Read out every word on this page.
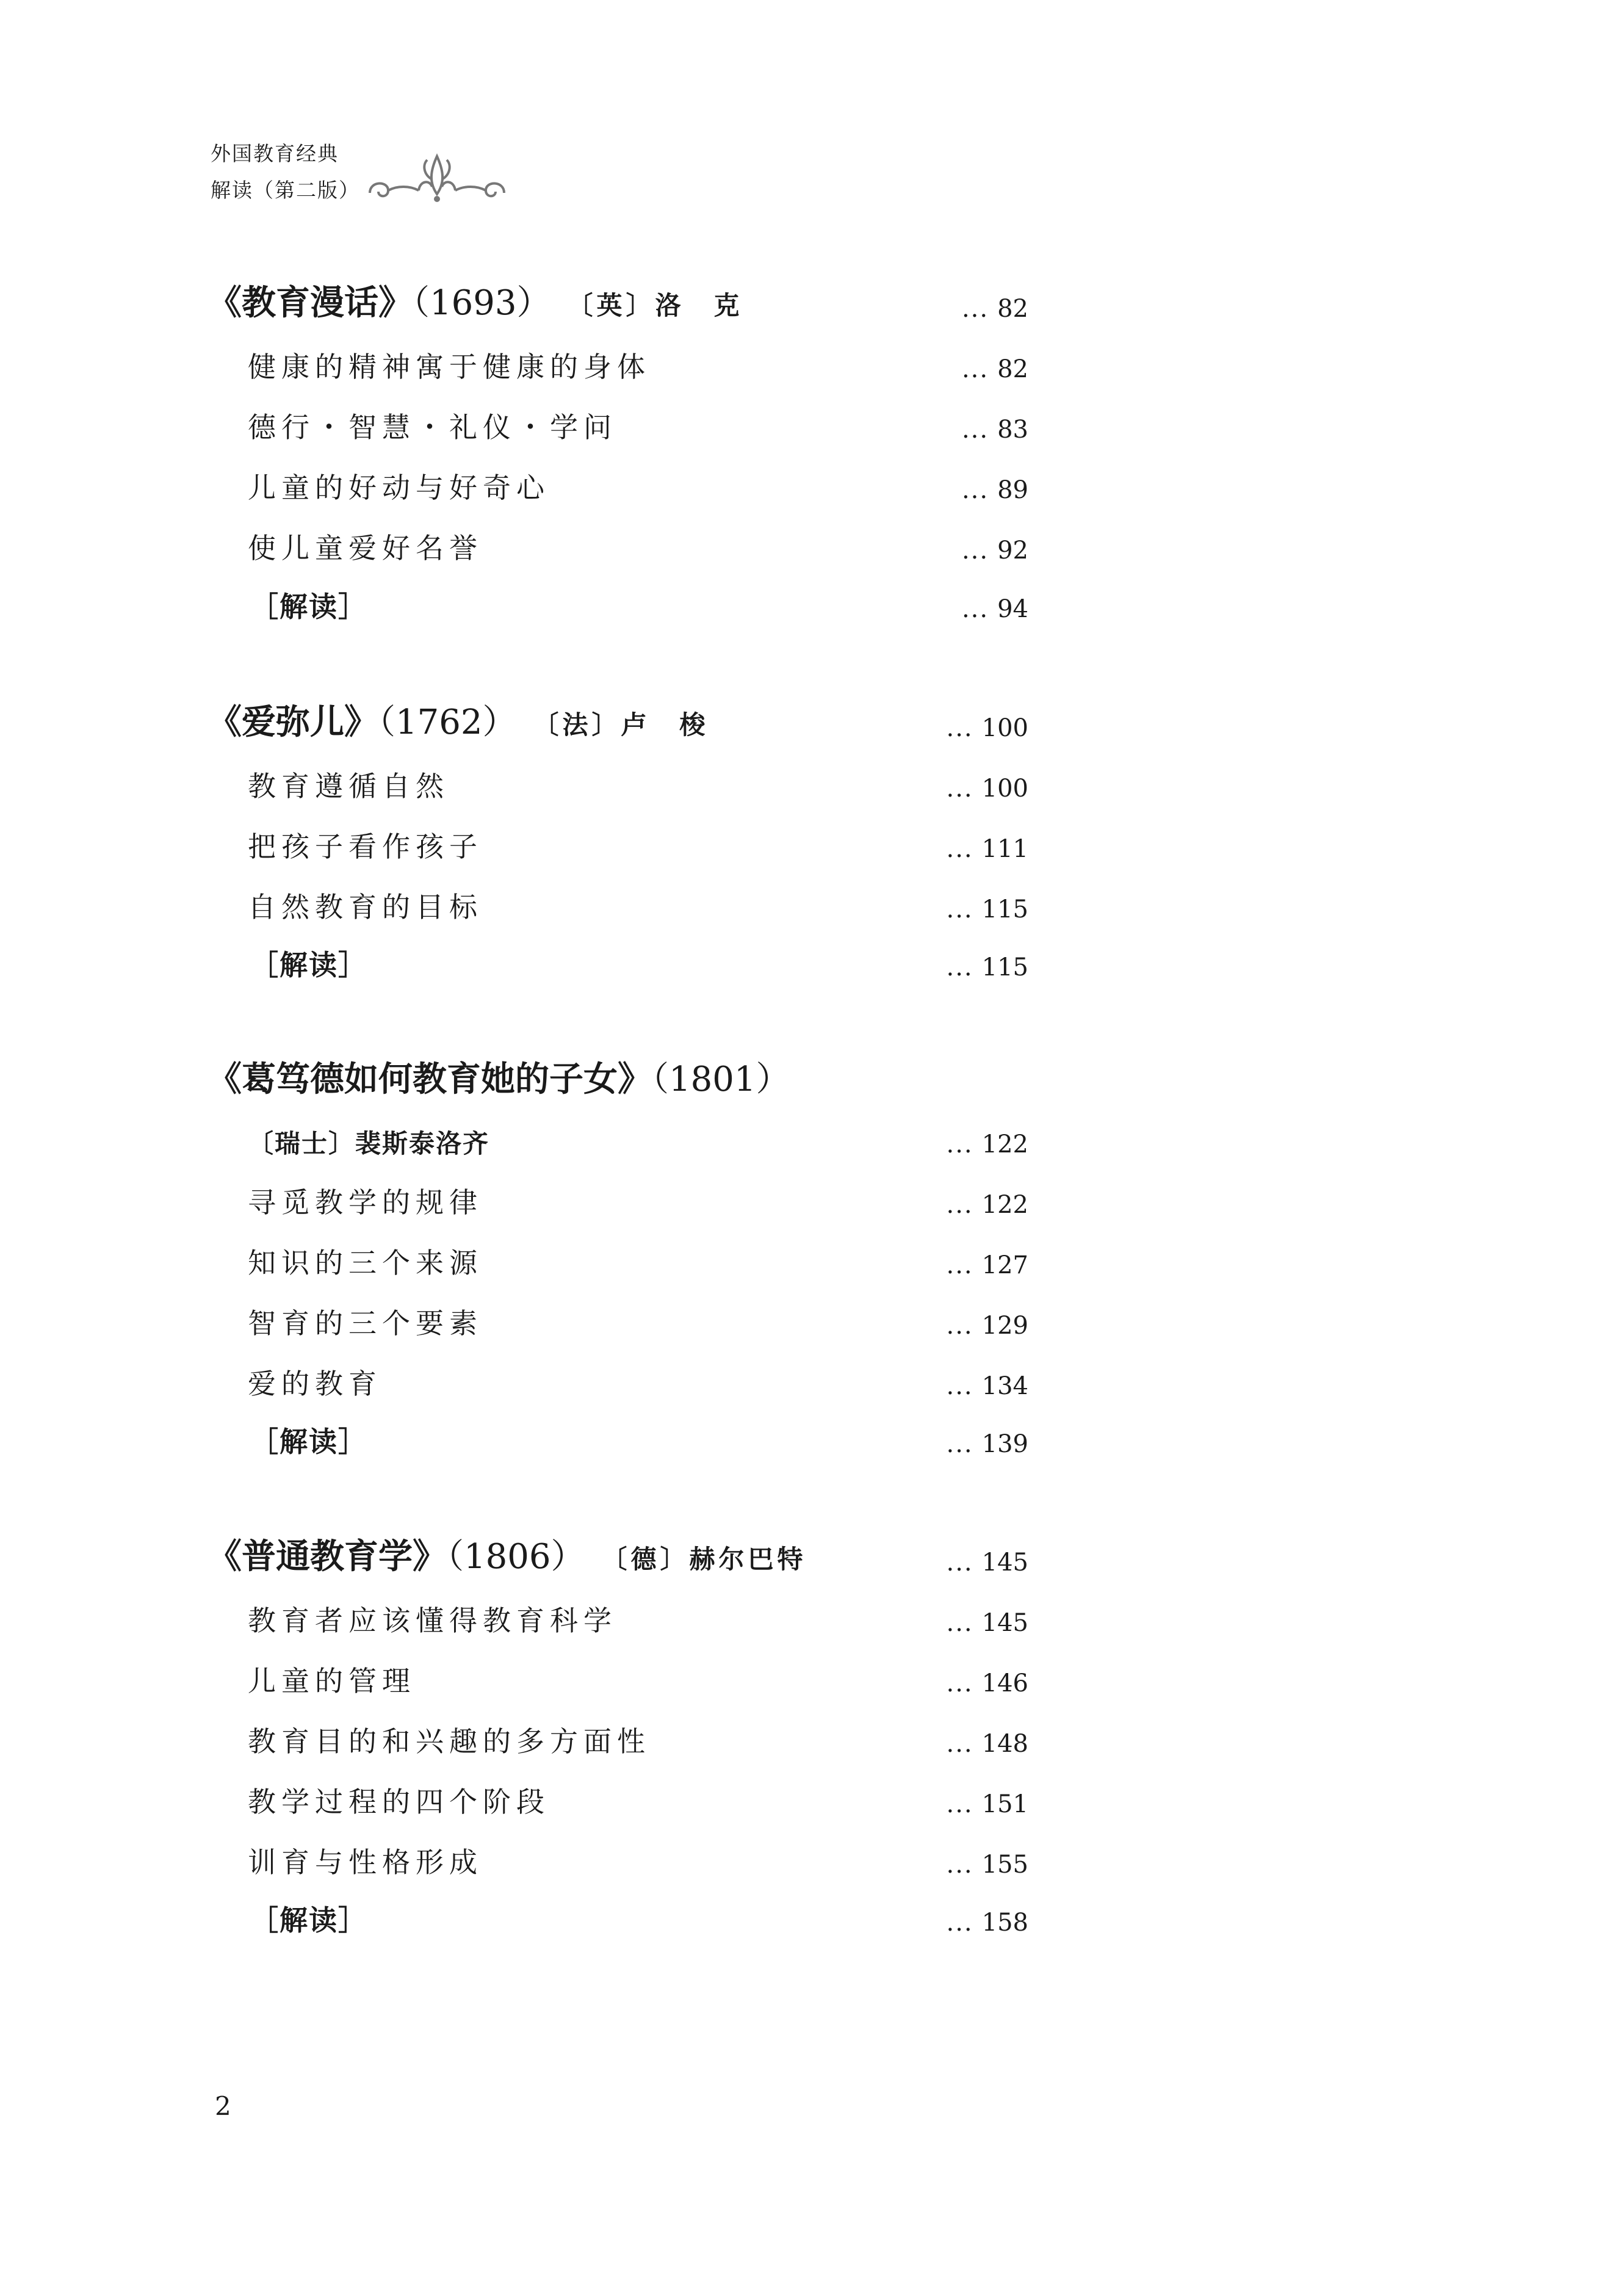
外国教育经典
解读（第二版）
《教育漫话》（1693） 〔英〕洛　克	... 82
健康的精神寓于健康的身体	... 82
德行・智慧・礼仪・学问	... 83
儿童的好动与好奇心	... 89
使儿童爱好名誉	... 92
［解读］	... 94
《爱弥儿》（1762） 〔法〕卢　梭	... 100
教育遵循自然	... 100
把孩子看作孩子	... 111
自然教育的目标	... 115
［解读］	... 115
《葛笃德如何教育她的子女》（1801）
〔瑞士〕裴斯泰洛齐	... 122
寻觅教学的规律	... 122
知识的三个来源	... 127
智育的三个要素	... 129
爱的教育	... 134
［解读］	... 139
《普通教育学》（1806） 〔德〕赫尔巴特	... 145
教育者应该懂得教育科学	... 145
儿童的管理	... 146
教育目的和兴趣的多方面性	... 148
教学过程的四个阶段	... 151
训育与性格形成	... 155
［解读］	... 158
2
